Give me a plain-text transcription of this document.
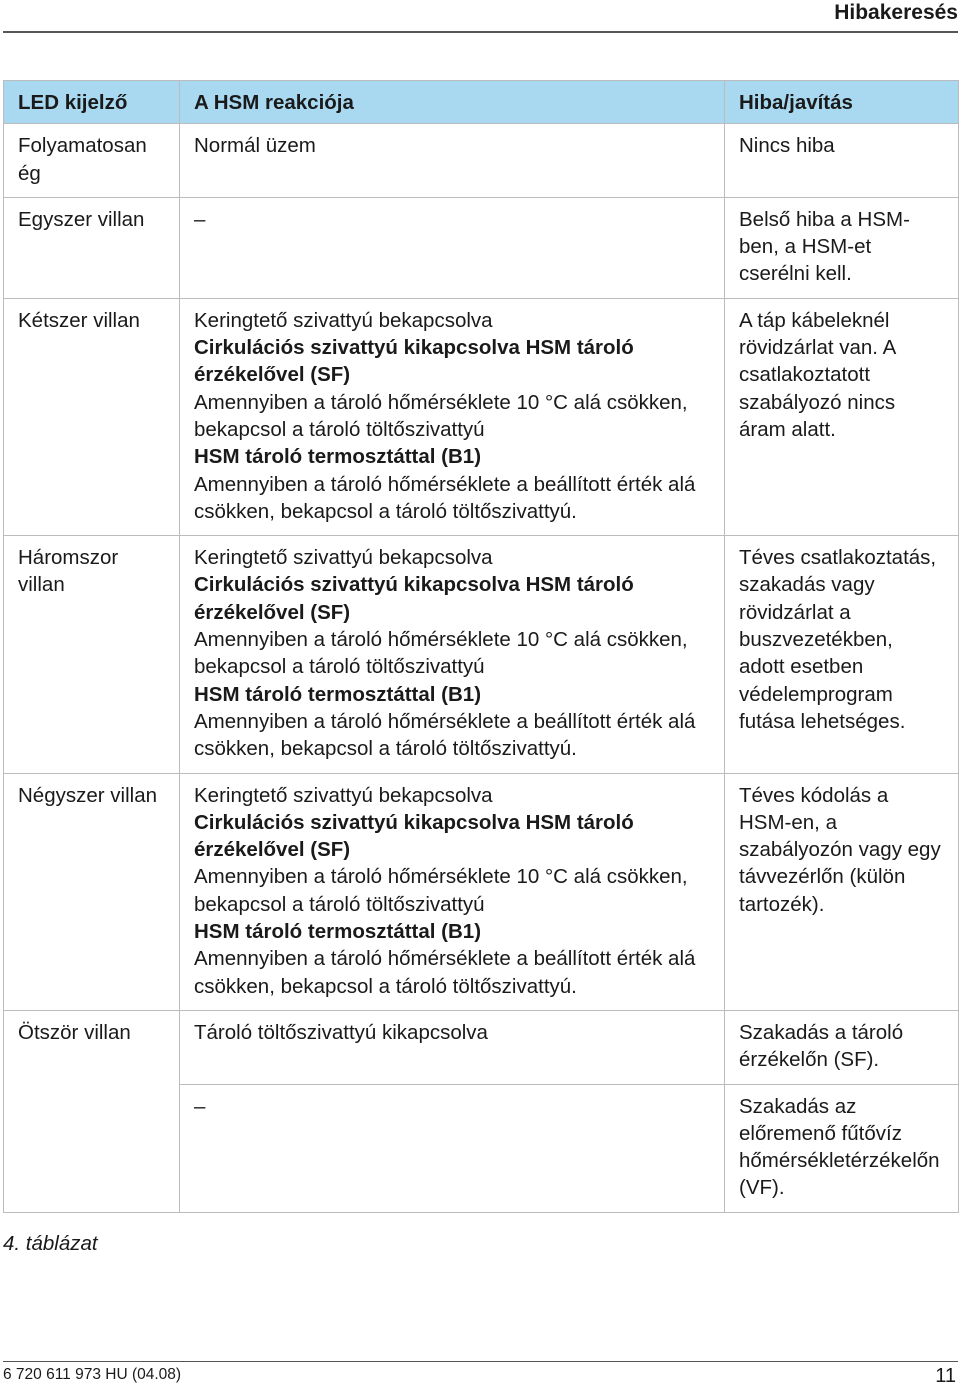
Hibakeresés
LED kijelző	A HSM reakciója	Hiba/javítás
Folyamatosan ég	Normál üzem	Nincs hiba
Egyszer villan	–	Belső hiba a HSM-ben, a HSM-et cserélni kell.
Kétszer villan	Keringtető szivattyú bekapcsolva
Cirkulációs szivattyú kikapcsolva HSM tároló érzékelővel (SF)
Amennyiben a tároló hőmérséklete 10 °C alá csökken, bekapcsol a tároló töltőszivattyú
HSM tároló termosztáttal (B1)
Amennyiben a tároló hőmérséklete a beállított érték alá csökken, bekapcsol a tároló töltőszivattyú.	A táp kábeleknél rövidzárlat van. A csatlakoztatott szabályozó nincs áram alatt.
Háromszor villan	Keringtető szivattyú bekapcsolva
Cirkulációs szivattyú kikapcsolva HSM tároló érzékelővel (SF)
Amennyiben a tároló hőmérséklete 10 °C alá csökken, bekapcsol a tároló töltőszivattyú
HSM tároló termosztáttal (B1)
Amennyiben a tároló hőmérséklete a beállított érték alá csökken, bekapcsol a tároló töltőszivattyú.	Téves csatlakoztatás, szakadás vagy rövidzárlat a buszvezetékben, adott esetben védelemprogram futása lehetséges.
Négyszer villan	Keringtető szivattyú bekapcsolva
Cirkulációs szivattyú kikapcsolva HSM tároló érzékelővel (SF)
Amennyiben a tároló hőmérséklete 10 °C alá csökken, bekapcsol a tároló töltőszivattyú
HSM tároló termosztáttal (B1)
Amennyiben a tároló hőmérséklete a beállított érték alá csökken, bekapcsol a tároló töltőszivattyú.	Téves kódolás a HSM-en, a szabályozón vagy egy távvezérlőn (külön tartozék).
Ötször villan	Tároló töltőszivattyú kikapcsolva	Szakadás a tároló érzékelőn (SF).
	–	Szakadás az előremenő fűtővíz hőmérsékletérzékelőn (VF).
4. táblázat
6 720 611 973 HU (04.08)	11
